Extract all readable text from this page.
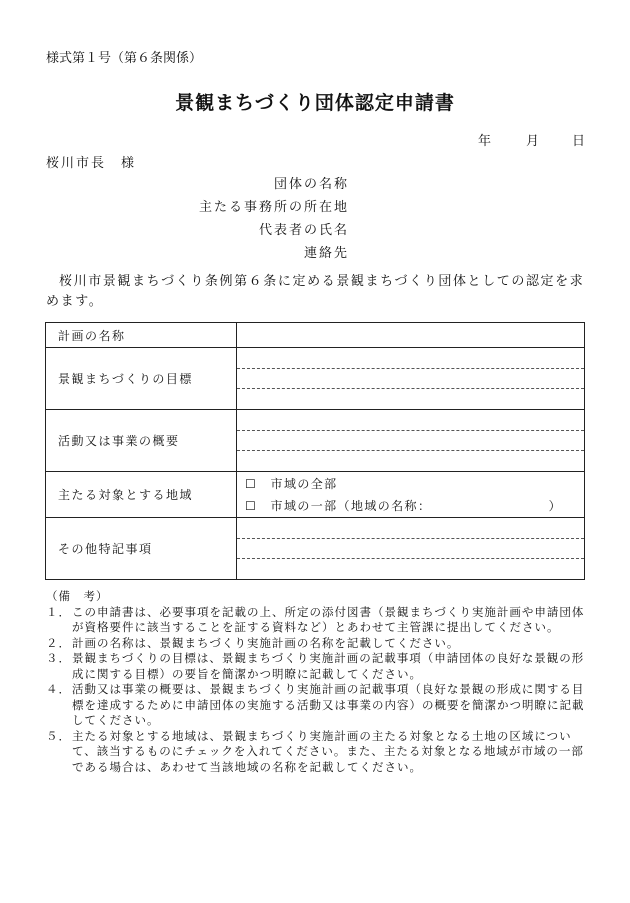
様式第１号（第６条関係）
景観まちづくり団体認定申請書
年	月	日
桜川市長　様
団体の名称
主たる事務所の所在地
代表者の氏名
連絡先
桜川市景観まちづくり条例第６条に定める景観まちづくり団体としての認定を求めます。
計画の名称	
景観まちづくりの目標	

活動又は事業の概要	

主たる対象とする地域	☐　市域の全部
☐　市域の一部（地域の名称： ）

その他特記事項	
（備　考）
１． この申請書は、必要事項を記載の上、所定の添付図書（景観まちづくり実施計画や申請団体が資格要件に該当することを証する資料など）とあわせて主管課に提出してください。
２． 計画の名称は、景観まちづくり実施計画の名称を記載してください。
３． 景観まちづくりの目標は、景観まちづくり実施計画の記載事項（申請団体の良好な景観の形成に関する目標）の要旨を簡潔かつ明瞭に記載してください。
４． 活動又は事業の概要は、景観まちづくり実施計画の記載事項（良好な景観の形成に関する目標を達成するために申請団体の実施する活動又は事業の内容）の概要を簡潔かつ明瞭に記載してください。
５． 主たる対象とする地域は、景観まちづくり実施計画の主たる対象となる土地の区域について、該当するものにチェックを入れてください。また、主たる対象となる地域が市域の一部である場合は、あわせて当該地域の名称を記載してください。
